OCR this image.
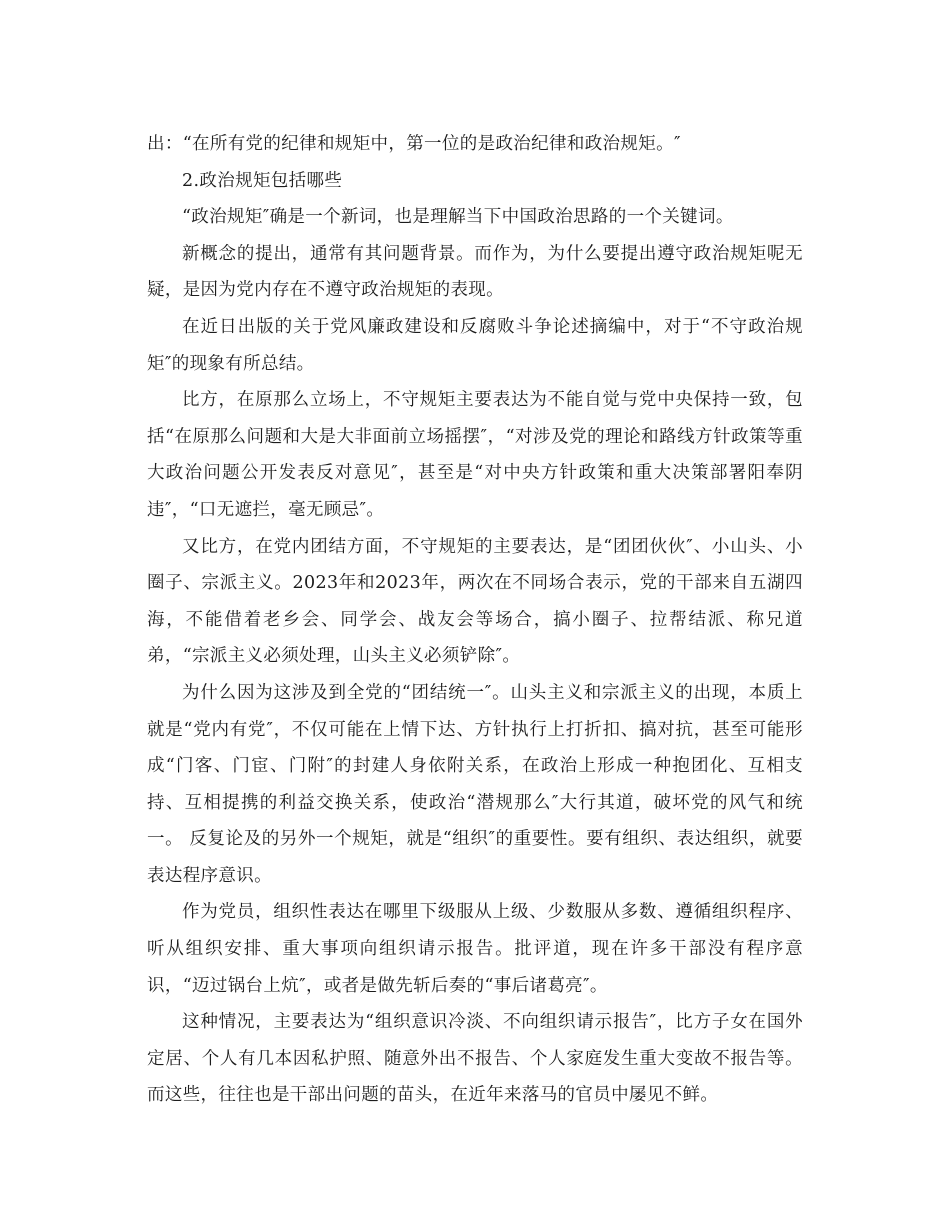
出：“在所有党的纪律和规矩中，第一位的是政治纪律和政治规矩。″

2.政治规矩包括哪些

“政治规矩″确是一个新词，也是理解当下中国政治思路的一个关键词。

新概念的提出，通常有其问题背景。而作为，为什么要提出遵守政治规矩呢无疑，是因为党内存在不遵守政治规矩的表现。

在近日出版的关于党风廉政建设和反腐败斗争论述摘编中，对于“不守政治规矩″的现象有所总结。

比方，在原那么立场上，不守规矩主要表达为不能自觉与党中央保持一致，包括“在原那么问题和大是大非面前立场摇摆″，“对涉及党的理论和路线方针政策等重大政治问题公开发表反对意见″，甚至是“对中央方针政策和重大决策部署阳奉阴违″，“口无遮拦，毫无顾忌″。

又比方，在党内团结方面，不守规矩的主要表达，是“团团伙伙″、小山头、小圈子、宗派主义。2023年和2023年，两次在不同场合表示，党的干部来自五湖四海，不能借着老乡会、同学会、战友会等场合，搞小圈子、拉帮结派、称兄道弟，“宗派主义必须处理，山头主义必须铲除″。

为什么因为这涉及到全党的“团结统一″。山头主义和宗派主义的出现，本质上就是“党内有党″，不仅可能在上情下达、方针执行上打折扣、搞对抗，甚至可能形成“门客、门宦、门附″的封建人身依附关系，在政治上形成一种抱团化、互相支持、互相提携的利益交换关系，使政治“潜规那么″大行其道，破坏党的风气和统一。 反复论及的另外一个规矩，就是“组织″的重要性。要有组织、表达组织，就要表达程序意识。

作为党员，组织性表达在哪里下级服从上级、少数服从多数、遵循组织程序、听从组织安排、重大事项向组织请示报告。批评道，现在许多干部没有程序意识，“迈过锅台上炕″，或者是做先斩后奏的“事后诸葛亮″。

这种情况，主要表达为“组织意识冷淡、不向组织请示报告″，比方子女在国外定居、个人有几本因私护照、随意外出不报告、个人家庭发生重大变故不报告等。而这些，往往也是干部出问题的苗头，在近年来落马的官员中屡见不鲜。
